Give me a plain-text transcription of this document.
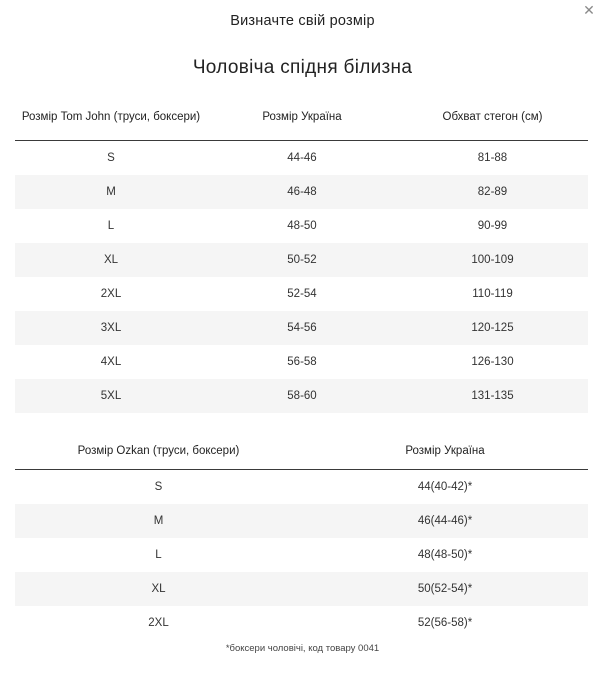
✕
Визначте свій розмір
Чоловіча спідня білизна
Розмір Tom John (труси, боксери)	Розмір Україна	Обхват стегон (см)
S	44-46	81-88
M	46-48	82-89
L	48-50	90-99
XL	50-52	100-109
2XL	52-54	110-119
3XL	54-56	120-125
4XL	56-58	126-130
5XL	58-60	131-135
Розмір Ozkan (труси, боксери)	Розмір Україна
S	44(40-42)*
M	46(44-46)*
L	48(48-50)*
XL	50(52-54)*
2XL	52(56-58)*
*боксери чоловічі, код товару 0041
